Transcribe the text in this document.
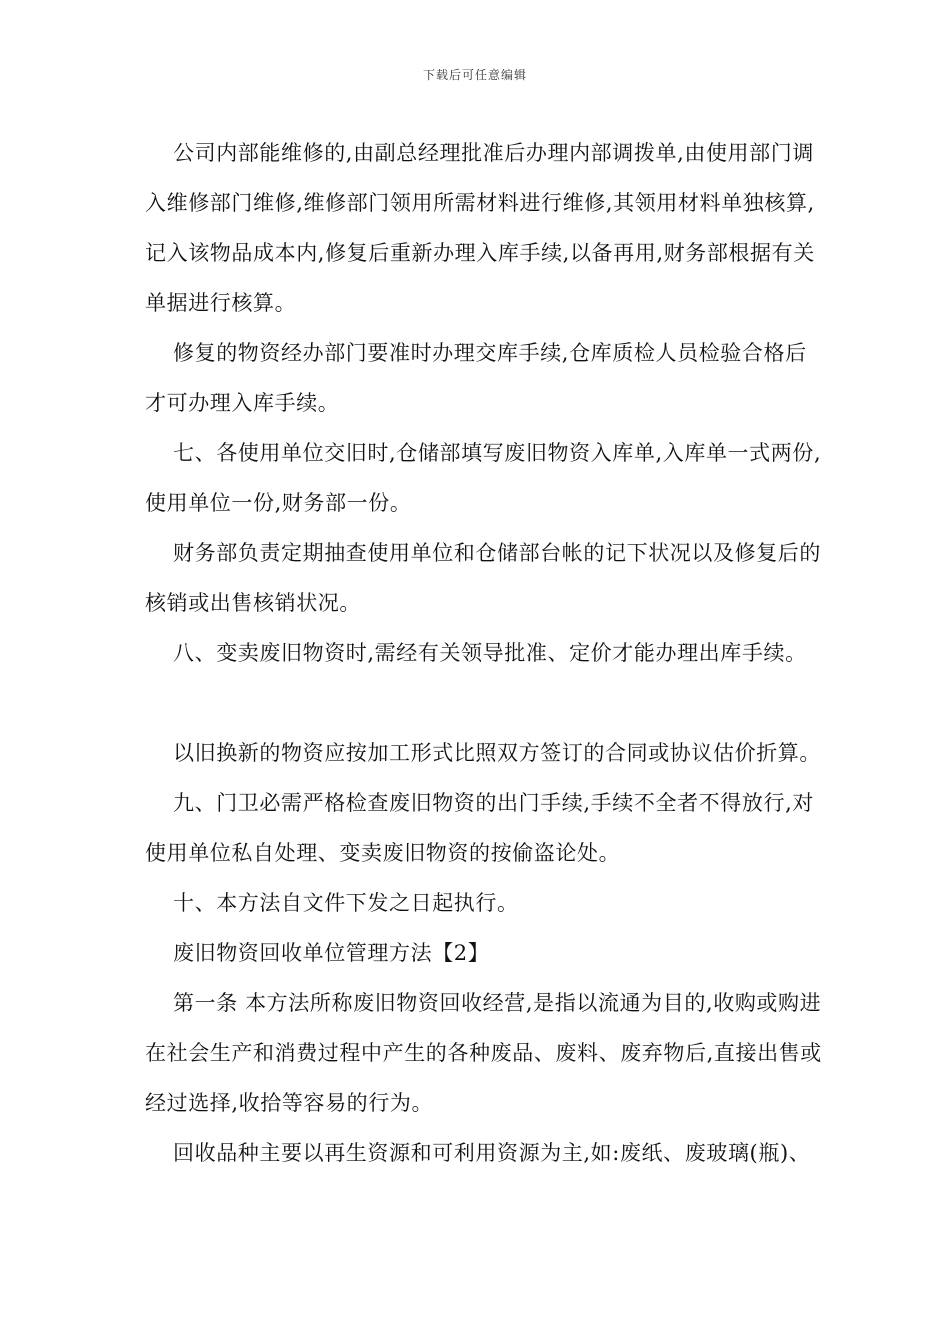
下载后可任意编辑

公司内部能维修的,由副总经理批准后办理内部调拨单,由使用部门调入维修部门维修,维修部门领用所需材料进行维修,其领用材料单独核算,记入该物品成本内,修复后重新办理入库手续,以备再用,财务部根据有关单据进行核算。

修复的物资经办部门要准时办理交库手续,仓库质检人员检验合格后才可办理入库手续。

七、各使用单位交旧时,仓储部填写废旧物资入库单,入库单一式两份,使用单位一份,财务部一份。

财务部负责定期抽查使用单位和仓储部台帐的记下状况以及修复后的核销或出售核销状况。

八、变卖废旧物资时,需经有关领导批准、定价才能办理出库手续。

以旧换新的物资应按加工形式比照双方签订的合同或协议估价折算。

九、门卫必需严格检查废旧物资的出门手续,手续不全者不得放行,对使用单位私自处理、变卖废旧物资的按偷盗论处。

十、本方法自文件下发之日起执行。

废旧物资回收单位管理方法【2】

第一条 本方法所称废旧物资回收经营,是指以流通为目的,收购或购进在社会生产和消费过程中产生的各种废品、废料、废弃物后,直接出售或经过选择,收拾等容易的行为。

回收品种主要以再生资源和可利用资源为主,如:废纸、废玻璃(瓶)、
